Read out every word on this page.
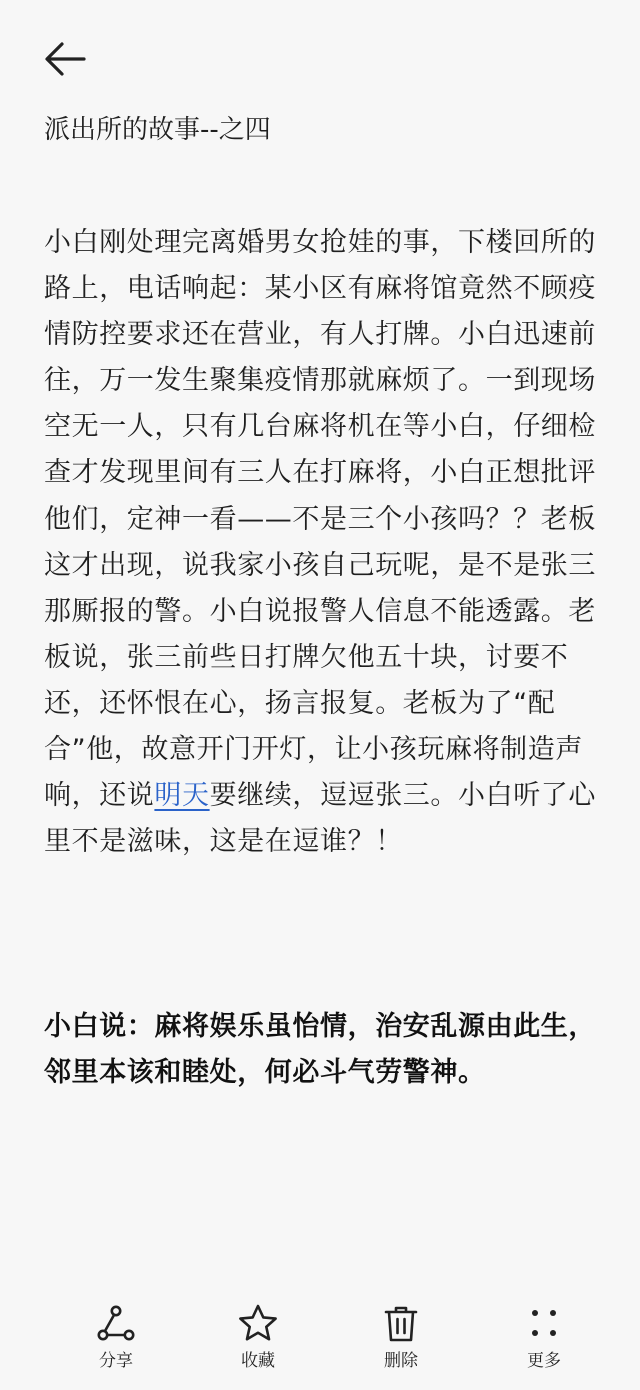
派出所的故事--之四
小白刚处理完离婚男女抢娃的事，下楼回所的
路上，电话响起：某小区有麻将馆竟然不顾疫
情防控要求还在营业，有人打牌。小白迅速前
往，万一发生聚集疫情那就麻烦了。一到现场
空无一人，只有几台麻将机在等小白，仔细检
查才发现里间有三人在打麻将，小白正想批评
他们，定神一看——不是三个小孩吗？？老板
这才出现，说我家小孩自己玩呢，是不是张三
那厮报的警。小白说报警人信息不能透露。老
板说，张三前些日打牌欠他五十块，讨要不
还，还怀恨在心，扬言报复。老板为了“配
合”他，故意开门开灯，让小孩玩麻将制造声
响，还说明天要继续，逗逗张三。小白听了心
里不是滋味，这是在逗谁？！
小白说：麻将娱乐虽怡情，治安乱源由此生，
邻里本该和睦处，何必斗气劳警神。
分享	收藏	删除	更多
